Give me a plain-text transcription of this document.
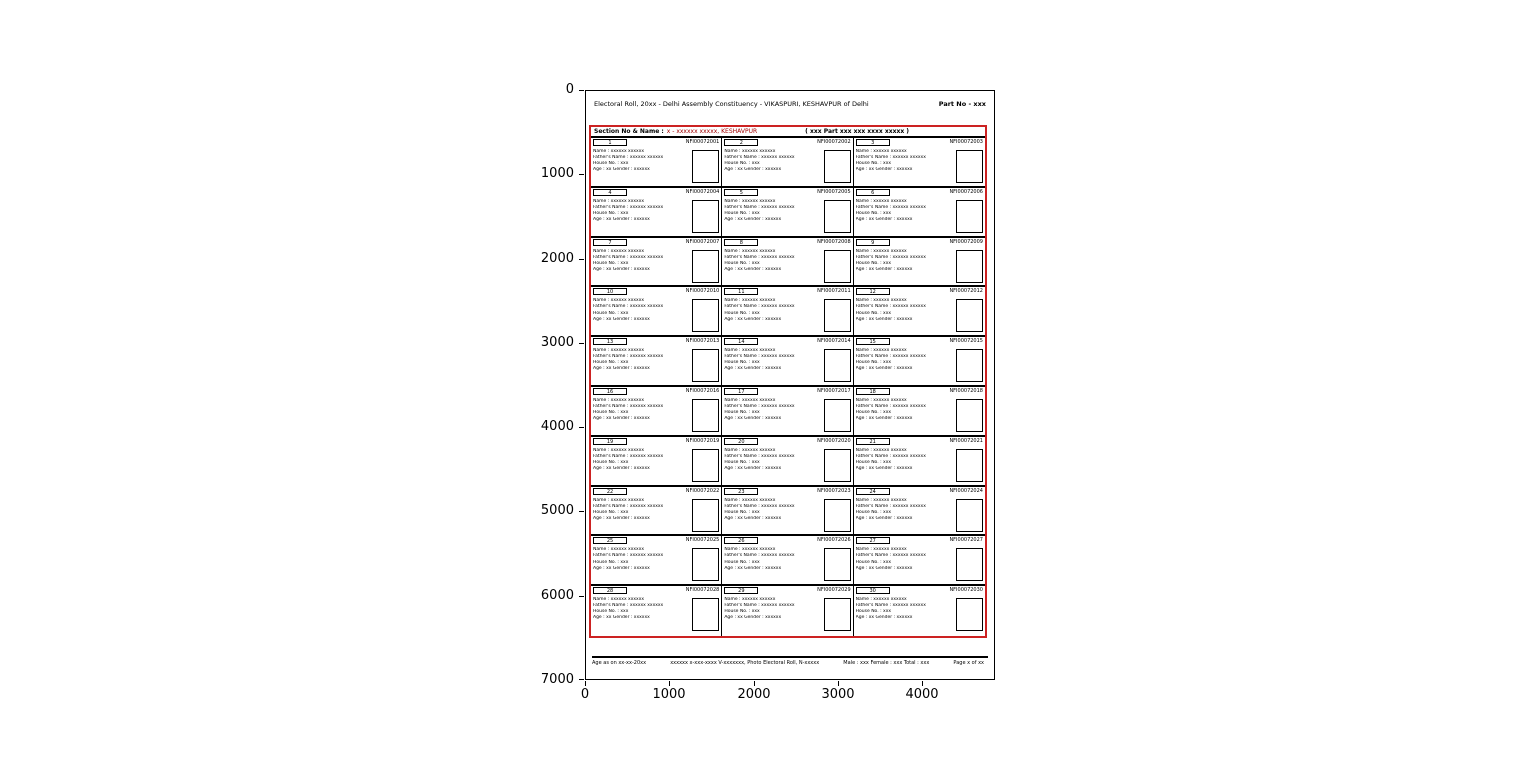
0
1000
2000
3000
4000
5000
6000
7000
0	1000	2000	3000	4000
Electoral Roll, 20xx - Delhi Assembly Constituency - VIKASPURI, KESHAVPUR of Delhi	Part No - xxx
Section No & Name : x - xxxxxx xxxxx, KESHAVPUR	( xxx Part xxx xxx xxxx xxxxx )
1	NFI00072001
Name : xxxxxx xxxxxx
Father's Name : xxxxxx xxxxxx
House No. : xxx
Age : xx Gender : xxxxxx
2	NFI00072002
Name : xxxxxx xxxxxx
Father's Name : xxxxxx xxxxxx
House No. : xxx
Age : xx Gender : xxxxxx
3	NFI00072003
Name : xxxxxx xxxxxx
Father's Name : xxxxxx xxxxxx
House No. : xxx
Age : xx Gender : xxxxxx
4	NFI00072004
Name : xxxxxx xxxxxx
Father's Name : xxxxxx xxxxxx
House No. : xxx
Age : xx Gender : xxxxxx
5	NFI00072005
Name : xxxxxx xxxxxx
Father's Name : xxxxxx xxxxxx
House No. : xxx
Age : xx Gender : xxxxxx
6	NFI00072006
Name : xxxxxx xxxxxx
Father's Name : xxxxxx xxxxxx
House No. : xxx
Age : xx Gender : xxxxxx
7	NFI00072007
Name : xxxxxx xxxxxx
Father's Name : xxxxxx xxxxxx
House No. : xxx
Age : xx Gender : xxxxxx
8	NFI00072008
Name : xxxxxx xxxxxx
Father's Name : xxxxxx xxxxxx
House No. : xxx
Age : xx Gender : xxxxxx
9	NFI00072009
Name : xxxxxx xxxxxx
Father's Name : xxxxxx xxxxxx
House No. : xxx
Age : xx Gender : xxxxxx
10	NFI00072010
Name : xxxxxx xxxxxx
Father's Name : xxxxxx xxxxxx
House No. : xxx
Age : xx Gender : xxxxxx
11	NFI00072011
Name : xxxxxx xxxxxx
Father's Name : xxxxxx xxxxxx
House No. : xxx
Age : xx Gender : xxxxxx
12	NFI00072012
Name : xxxxxx xxxxxx
Father's Name : xxxxxx xxxxxx
House No. : xxx
Age : xx Gender : xxxxxx
13	NFI00072013
Name : xxxxxx xxxxxx
Father's Name : xxxxxx xxxxxx
House No. : xxx
Age : xx Gender : xxxxxx
14	NFI00072014
Name : xxxxxx xxxxxx
Father's Name : xxxxxx xxxxxx
House No. : xxx
Age : xx Gender : xxxxxx
15	NFI00072015
Name : xxxxxx xxxxxx
Father's Name : xxxxxx xxxxxx
House No. : xxx
Age : xx Gender : xxxxxx
16	NFI00072016
Name : xxxxxx xxxxxx
Father's Name : xxxxxx xxxxxx
House No. : xxx
Age : xx Gender : xxxxxx
17	NFI00072017
Name : xxxxxx xxxxxx
Father's Name : xxxxxx xxxxxx
House No. : xxx
Age : xx Gender : xxxxxx
18	NFI00072018
Name : xxxxxx xxxxxx
Father's Name : xxxxxx xxxxxx
House No. : xxx
Age : xx Gender : xxxxxx
19	NFI00072019
Name : xxxxxx xxxxxx
Father's Name : xxxxxx xxxxxx
House No. : xxx
Age : xx Gender : xxxxxx
20	NFI00072020
Name : xxxxxx xxxxxx
Father's Name : xxxxxx xxxxxx
House No. : xxx
Age : xx Gender : xxxxxx
21	NFI00072021
Name : xxxxxx xxxxxx
Father's Name : xxxxxx xxxxxx
House No. : xxx
Age : xx Gender : xxxxxx
22	NFI00072022
Name : xxxxxx xxxxxx
Father's Name : xxxxxx xxxxxx
House No. : xxx
Age : xx Gender : xxxxxx
23	NFI00072023
Name : xxxxxx xxxxxx
Father's Name : xxxxxx xxxxxx
House No. : xxx
Age : xx Gender : xxxxxx
24	NFI00072024
Name : xxxxxx xxxxxx
Father's Name : xxxxxx xxxxxx
House No. : xxx
Age : xx Gender : xxxxxx
25	NFI00072025
Name : xxxxxx xxxxxx
Father's Name : xxxxxx xxxxxx
House No. : xxx
Age : xx Gender : xxxxxx
26	NFI00072026
Name : xxxxxx xxxxxx
Father's Name : xxxxxx xxxxxx
House No. : xxx
Age : xx Gender : xxxxxx
27	NFI00072027
Name : xxxxxx xxxxxx
Father's Name : xxxxxx xxxxxx
House No. : xxx
Age : xx Gender : xxxxxx
28	NFI00072028
Name : xxxxxx xxxxxx
Father's Name : xxxxxx xxxxxx
House No. : xxx
Age : xx Gender : xxxxxx
29	NFI00072029
Name : xxxxxx xxxxxx
Father's Name : xxxxxx xxxxxx
House No. : xxx
Age : xx Gender : xxxxxx
30	NFI00072030
Name : xxxxxx xxxxxx
Father's Name : xxxxxx xxxxxx
House No. : xxx
Age : xx Gender : xxxxxx
Age as on xx-xx-20xx	xxxxxx x-xxx-xxxx V-xxxxxxx, Photo Electoral Roll, N-xxxxx	Male : xxx Female : xxx Total : xxx	Page x of xx
